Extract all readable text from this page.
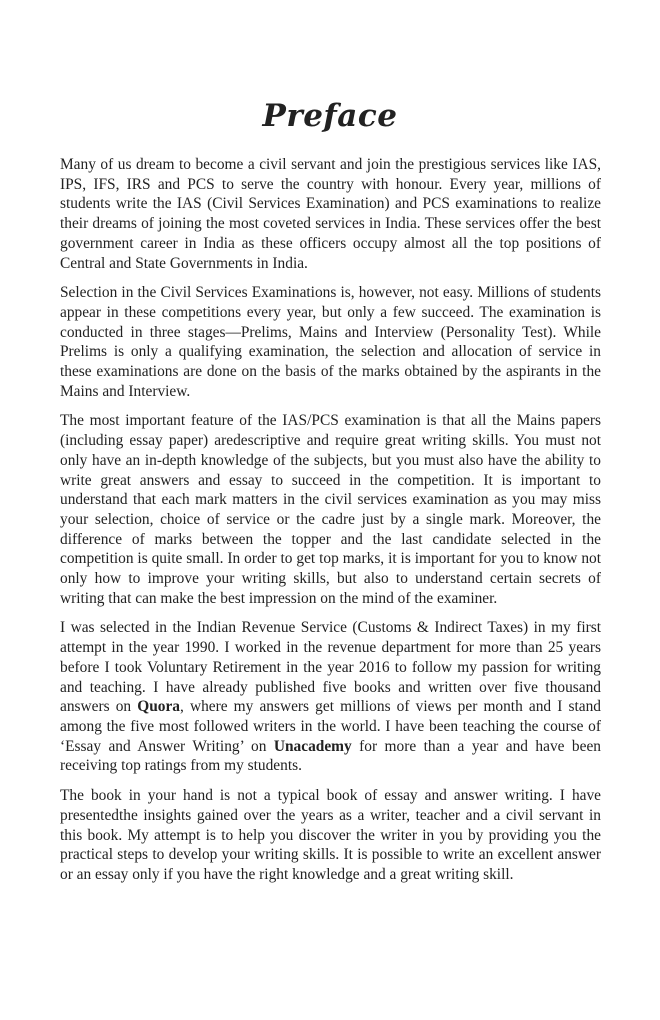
Preface

Many of us dream to become a civil servant and join the prestigious services like IAS, IPS, IFS, IRS and PCS to serve the country with honour. Every year, millions of students write the IAS (Civil Services Examination) and PCS examinations to realize their dreams of joining the most coveted services in India. These services offer the best government career in India as these officers occupy almost all the top positions of Central and State Governments in India.

Selection in the Civil Services Examinations is, however, not easy. Millions of students appear in these competitions every year, but only a few succeed. The examination is conducted in three stages—Prelims, Mains and Interview (Personality Test). While Prelims is only a qualifying examination, the selection and allocation of service in these examinations are done on the basis of the marks obtained by the aspirants in the Mains and Interview.

The most important feature of the IAS/PCS examination is that all the Mains papers (including essay paper) aredescriptive and require great writing skills. You must not only have an in-depth knowledge of the subjects, but you must also have the ability to write great answers and essay to succeed in the competition. It is important to understand that each mark matters in the civil services examination as you may miss your selection, choice of service or the cadre just by a single mark. Moreover, the difference of marks between the topper and the last candidate selected in the competition is quite small. In order to get top marks, it is important for you to know not only how to improve your writing skills, but also to understand certain secrets of writing that can make the best impression on the mind of the examiner.

I was selected in the Indian Revenue Service (Customs & Indirect Taxes) in my first attempt in the year 1990. I worked in the revenue department for more than 25 years before I took Voluntary Retirement in the year 2016 to follow my passion for writing and teaching. I have already published five books and written over five thousand answers on Quora, where my answers get millions of views per month and I stand among the five most followed writers in the world. I have been teaching the course of ‘Essay and Answer Writing’ on Unacademy for more than a year and have been receiving top ratings from my students.

The book in your hand is not a typical book of essay and answer writing. I have presentedthe insights gained over the years as a writer, teacher and a civil servant in this book. My attempt is to help you discover the writer in you by providing you the practical steps to develop your writing skills. It is possible to write an excellent answer or an essay only if you have the right knowledge and a great writing skill.
